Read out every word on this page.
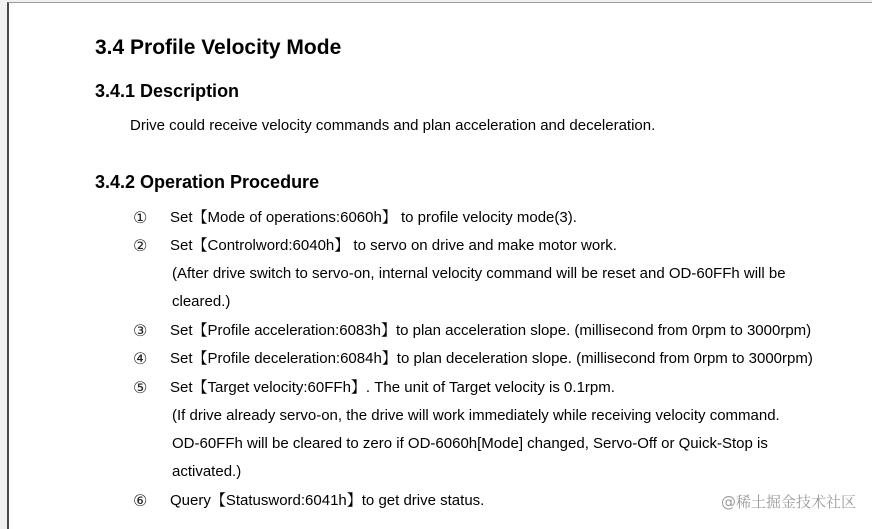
3.4 Profile Velocity Mode
3.4.1 Description

Drive could receive velocity commands and plan acceleration and deceleration.

3.4.2 Operation Procedure
① Set【Mode of operations:6060h】 to profile velocity mode(3).
② Set【Controlword:6040h】 to servo on drive and make motor work.
(After drive switch to servo-on, internal velocity command will be reset and OD-60FFh will be
cleared.)
③ Set【Profile acceleration:6083h】to plan acceleration slope. (millisecond from 0rpm to 3000rpm)
④ Set【Profile deceleration:6084h】to plan deceleration slope. (millisecond from 0rpm to 3000rpm)
⑤ Set【Target velocity:60FFh】. The unit of Target velocity is 0.1rpm.
(If drive already servo-on, the drive will work immediately while receiving velocity command.
OD-60FFh will be cleared to zero if OD-6060h[Mode] changed, Servo-Off or Quick-Stop is
activated.)
⑥ Query【Statusword:6041h】to get drive status.	@稀土掘金技术社区
